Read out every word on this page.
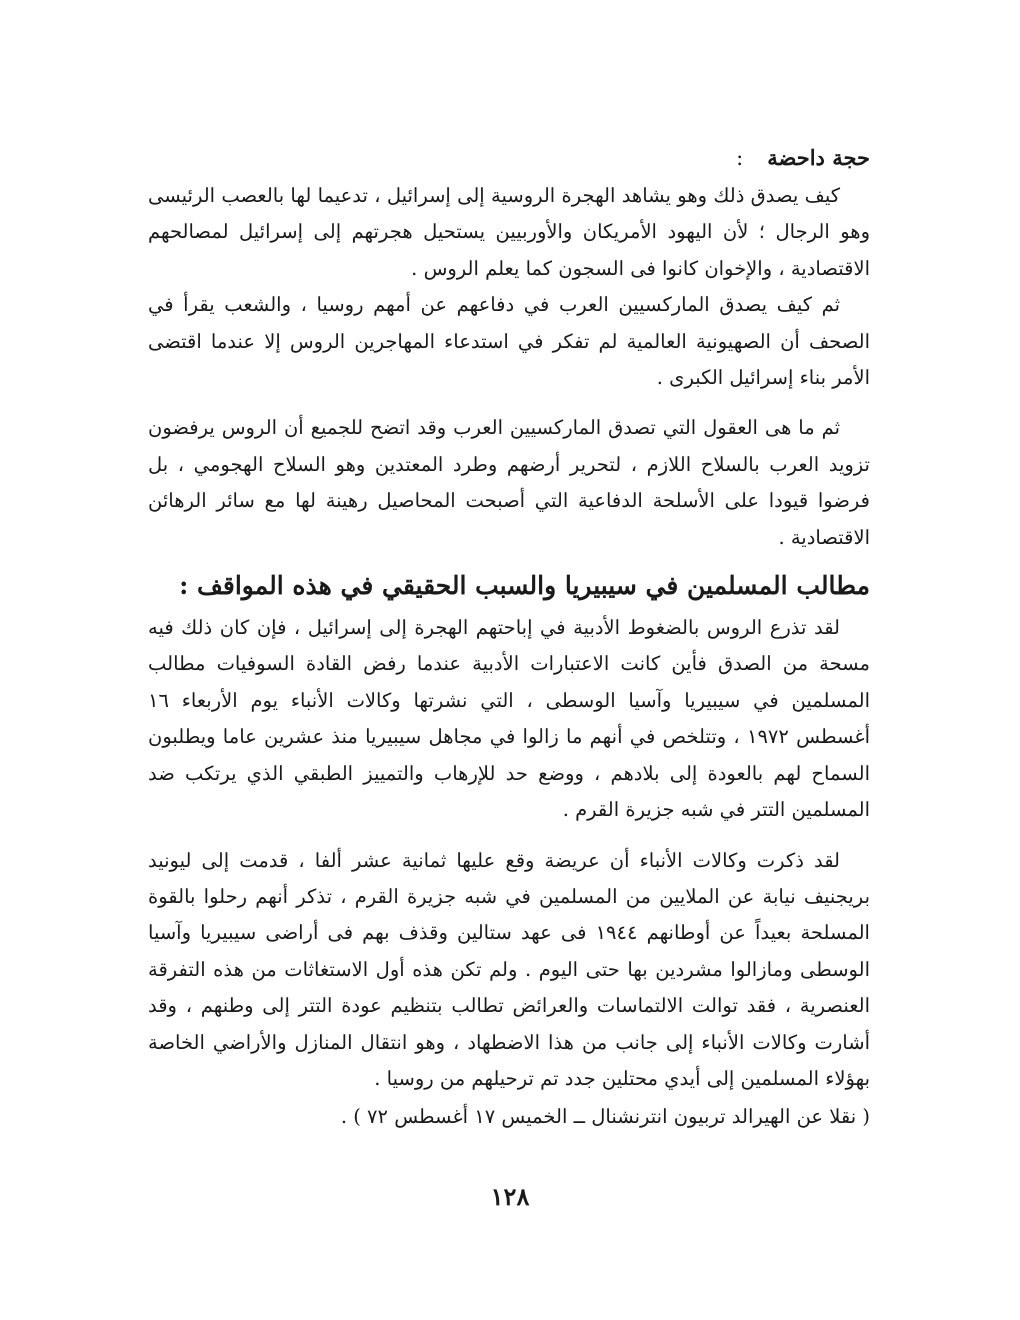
حجة داحضة:

كيف يصدق ذلك وهو يشاهد الهجرة الروسية إلى إسرائيل ، تدعيما لها بالعصب الرئيسى وهو الرجال ؛ لأن اليهود الأمريكان والأوربيين يستحيل هجرتهم إلى إسرائيل لمصالحهم الاقتصادية ، والإخوان كانوا فى السجون كما يعلم الروس .

ثم كيف يصدق الماركسيين العرب في دفاعهم عن أمهم روسيا ، والشعب يقرأ في الصحف أن الصهيونية العالمية لم تفكر في استدعاء المهاجرين الروس إلا عندما اقتضى الأمر بناء إسرائيل الكبرى .

ثم ما هى العقول التي تصدق الماركسيين العرب وقد اتضح للجميع أن الروس يرفضون تزويد العرب بالسلاح اللازم ، لتحرير أرضهم وطرد المعتدين وهو السلاح الهجومي ، بل فرضوا قيودا على الأسلحة الدفاعية التي أصبحت المحاصيل رهينة لها مع سائر الرهائن الاقتصادية .

مطالب المسلمين في سيبيريا والسبب الحقيقي في هذه المواقف :

لقد تذرع الروس بالضغوط الأدبية في إباحتهم الهجرة إلى إسرائيل ، فإن كان ذلك فيه مسحة من الصدق فأين كانت الاعتبارات الأدبية عندما رفض القادة السوفيات مطالب المسلمين في سيبيريا وآسيا الوسطى ، التي نشرتها وكالات الأنباء يوم الأربعاء ١٦ أغسطس ١٩٧٢ ، وتتلخص في أنهم ما زالوا في مجاهل سيبيريا منذ عشرين عاما ويطلبون السماح لهم بالعودة إلى بلادهم ، ووضع حد للإرهاب والتمييز الطبقي الذي يرتكب ضد المسلمين التتر في شبه جزيرة القرم .

لقد ذكرت وكالات الأنباء أن عريضة وقع عليها ثمانية عشر ألفا ، قدمت إلى ليونيد بريجنيف نيابة عن الملايين من المسلمين في شبه جزيرة القرم ، تذكر أنهم رحلوا بالقوة المسلحة بعيداً عن أوطانهم ١٩٤٤ فى عهد ستالين وقذف بهم فى أراضى سيبيريا وآسيا الوسطى ومازالوا مشردين بها حتى اليوم . ولم تكن هذه أول الاستغاثات من هذه التفرقة العنصرية ، فقد توالت الالتماسات والعرائض تطالب بتنظيم عودة التتر إلى وطنهم ، وقد أشارت وكالات الأنباء إلى جانب من هذا الاضطهاد ، وهو انتقال المنازل والأراضي الخاصة بهؤلاء المسلمين إلى أيدي محتلين جدد تم ترحيلهم من روسيا .

( نقلا عن الهيرالد تربيون انترنشنال ــ الخميس ١٧ أغسطس ٧٢ ) .

١٢٨
